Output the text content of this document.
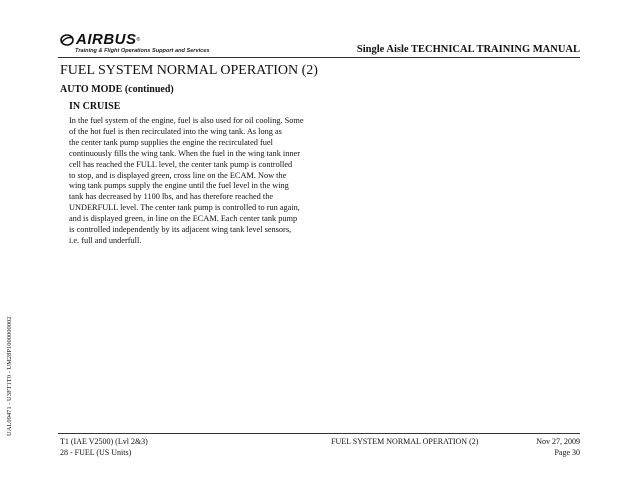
AIRBUS ®
Training & Flight Operations Support and Services	Single Aisle TECHNICAL TRAINING MANUAL
FUEL SYSTEM NORMAL OPERATION (2)
AUTO MODE (continued)
IN CRUISE
In the fuel system of the engine, fuel is also used for oil cooling. Some
of the hot fuel is then recirculated into the wing tank. As long as
the center tank pump supplies the engine the recirculated fuel
continuously fills the wing tank. When the fuel in the wing tank inner
cell has reached the FULL level, the center tank pump is controlled
to stop, and is displayed green, cross line on the ECAM. Now the
wing tank pumps supply the engine until the fuel level in the wing
tank has decreased by 1100 lbs, and has therefore reached the
UNDERFULL level. The center tank pump is controlled to run again,
and is displayed green, in line on the ECAM. Each center tank pump
is controlled independently by its adjacent wing tank level sensors,
i.e. full and underfull.
UAL09471 - U3FT1T0 - UM28P1000000002
T1 (IAE V2500) (Lvl 2&3)
28 - FUEL (US Units)
FUEL SYSTEM NORMAL OPERATION (2)	Nov 27, 2009
Page 30
